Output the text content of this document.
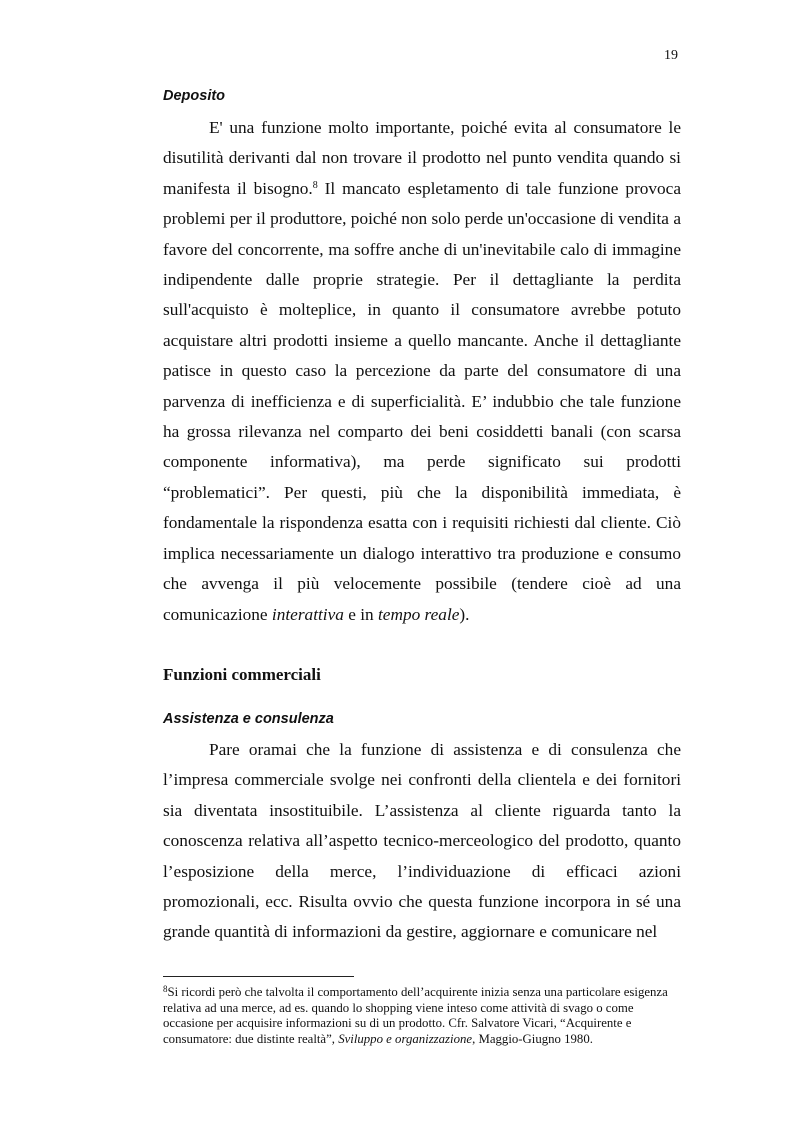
19
Deposito

E' una funzione molto importante, poiché evita al consumatore le disutilità derivanti dal non trovare il prodotto nel punto vendita quando si manifesta il bisogno.$^8$ Il mancato espletamento di tale funzione provoca problemi per il produttore, poiché non solo perde un'occasione di vendita a favore del concorrente, ma soffre anche di un'inevitabile calo di immagine indipendente dalle proprie strategie. Per il dettagliante la perdita sull'acquisto è molteplice, in quanto il consumatore avrebbe potuto acquistare altri prodotti insieme a quello mancante. Anche il dettagliante patisce in questo caso la percezione da parte del consumatore di una parvenza di inefficienza e di superficialità. E’ indubbio che tale funzione ha grossa rilevanza nel comparto dei beni cosiddetti banali (con scarsa componente informativa), ma perde significato sui prodotti “problematici”. Per questi, più che la disponibilità immediata, è fondamentale la rispondenza esatta con i requisiti richiesti dal cliente. Ciò implica necessariamente un dialogo interattivo tra produzione e consumo che avvenga il più velocemente possibile (tendere cioè ad una comunicazione interattiva e in tempo reale).

Funzioni commerciali
Assistenza e consulenza

Pare oramai che la funzione di assistenza e di consulenza che l’impresa commerciale svolge nei confronti della clientela e dei fornitori sia diventata insostituibile. L’assistenza al cliente riguarda tanto la conoscenza relativa all’aspetto tecnico-merceologico del prodotto, quanto l’esposizione della merce, l’individuazione di efficaci azioni promozionali, ecc. Risulta ovvio che questa funzione incorpora in sé una grande quantità di informazioni da gestire, aggiornare e comunicare nel

$^8$Si ricordi però che talvolta il comportamento dell’acquirente inizia senza una particolare esigenza relativa ad una merce, ad es. quando lo shopping viene inteso come attività di svago o come occasione per acquisire informazioni su di un prodotto. Cfr. Salvatore Vicari, “Acquirente e consumatore: due distinte realtà”, Sviluppo e organizzazione, Maggio-Giugno 1980.
